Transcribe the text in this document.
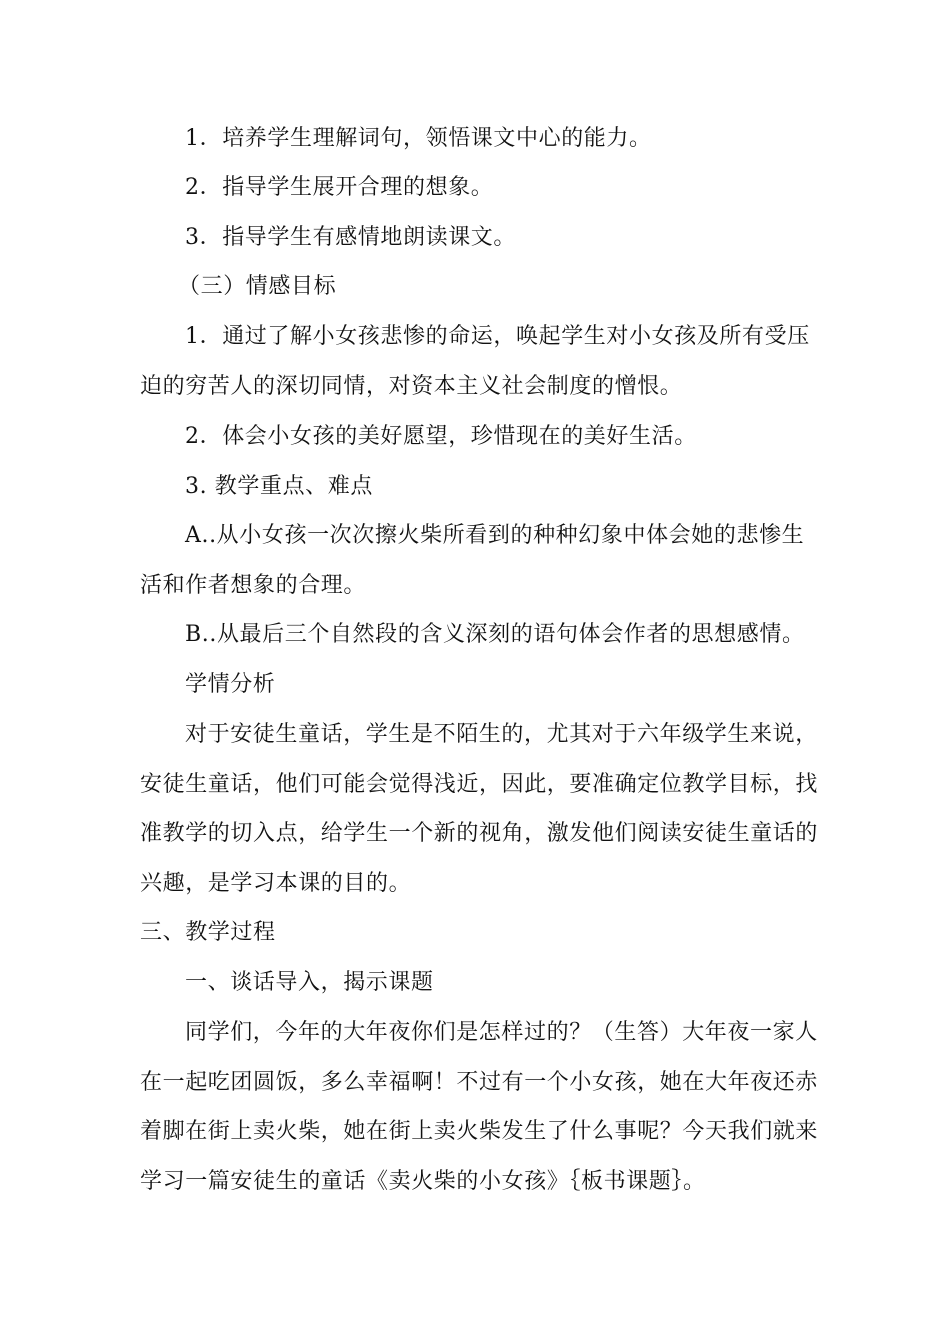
1．培养学生理解词句，领悟课文中心的能力。
2．指导学生展开合理的想象。
3．指导学生有感情地朗读课文。
（三）情感目标
1．通过了解小女孩悲惨的命运，唤起学生对小女孩及所有受压
迫的穷苦人的深切同情，对资本主义社会制度的憎恨。
2．体会小女孩的美好愿望，珍惜现在的美好生活。
3. 教学重点、难点
A..从小女孩一次次擦火柴所看到的种种幻象中体会她的悲惨生
活和作者想象的合理。
B..从最后三个自然段的含义深刻的语句体会作者的思想感情。
学情分析
对于安徒生童话，学生是不陌生的，尤其对于六年级学生来说，
安徒生童话，他们可能会觉得浅近，因此，要准确定位教学目标，找
准教学的切入点，给学生一个新的视角，激发他们阅读安徒生童话的
兴趣，是学习本课的目的。
三、教学过程
一、谈话导入，揭示课题
同学们，今年的大年夜你们是怎样过的？（生答）大年夜一家人
在一起吃团圆饭，多么幸福啊！不过有一个小女孩，她在大年夜还赤
着脚在街上卖火柴，她在街上卖火柴发生了什么事呢？今天我们就来
学习一篇安徒生的童话《卖火柴的小女孩》｛板书课题｝。
